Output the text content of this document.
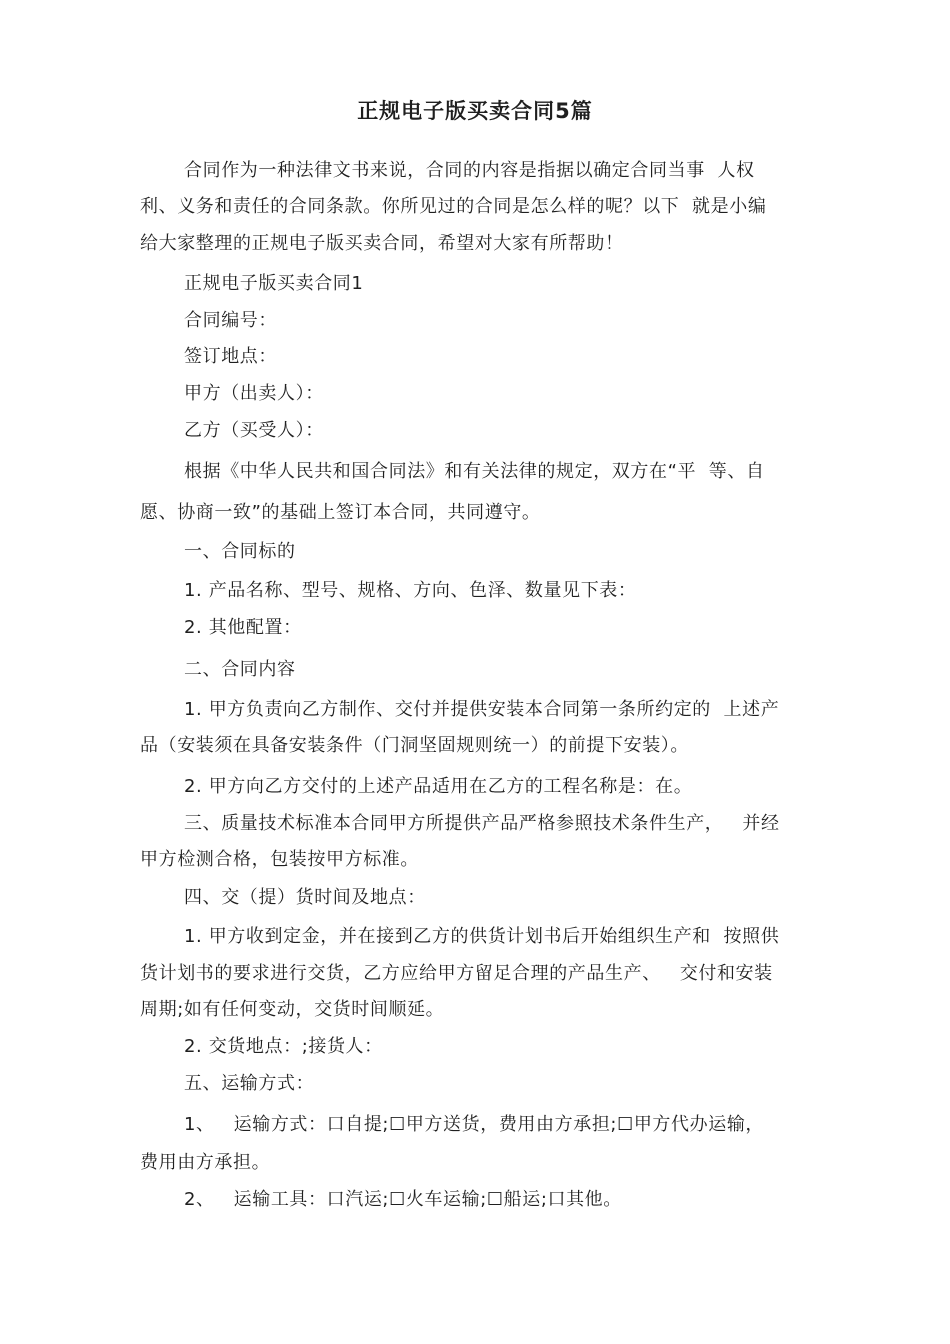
正规电子版买卖合同5篇

合同作为一种法律文书来说，合同的内容是指据以确定合同当事  人权

利、义务和责任的合同条款。你所见过的合同是怎么样的呢？以下  就是小编

给大家整理的正规电子版买卖合同，希望对大家有所帮助！

正规电子版买卖合同1

合同编号：

签订地点：

甲方（出卖人）：

乙方（买受人）：

根据《中华人民共和国合同法》和有关法律的规定，双方在“平  等、自

愿、协商一致”的基础上签订本合同，共同遵守。

一、合同标的

1. 产品名称、型号、规格、方向、色泽、数量见下表：

2. 其他配置：

二、合同内容

1. 甲方负责向乙方制作、交付并提供安装本合同第一条所约定的  上述产

品（安装须在具备安装条件（门洞坚固规则统一）的前提下安装）。

2. 甲方向乙方交付的上述产品适用在乙方的工程名称是：在。

三、质量技术标准本合同甲方所提供产品严格参照技术条件生产，   并经

甲方检测合格，包装按甲方标准。

四、交（提）货时间及地点：

1. 甲方收到定金，并在接到乙方的供货计划书后开始组织生产和  按照供

货计划书的要求进行交货，乙方应给甲方留足合理的产品生产、   交付和安装

周期;如有任何变动，交货时间顺延。

2. 交货地点：;接货人：

五、运输方式：

1、   运输方式：口自提;☐甲方送货，费用由方承担;☐甲方代办运输，

费用由方承担。

2、   运输工具：口汽运;☐火车运输;☐船运;口其他。
